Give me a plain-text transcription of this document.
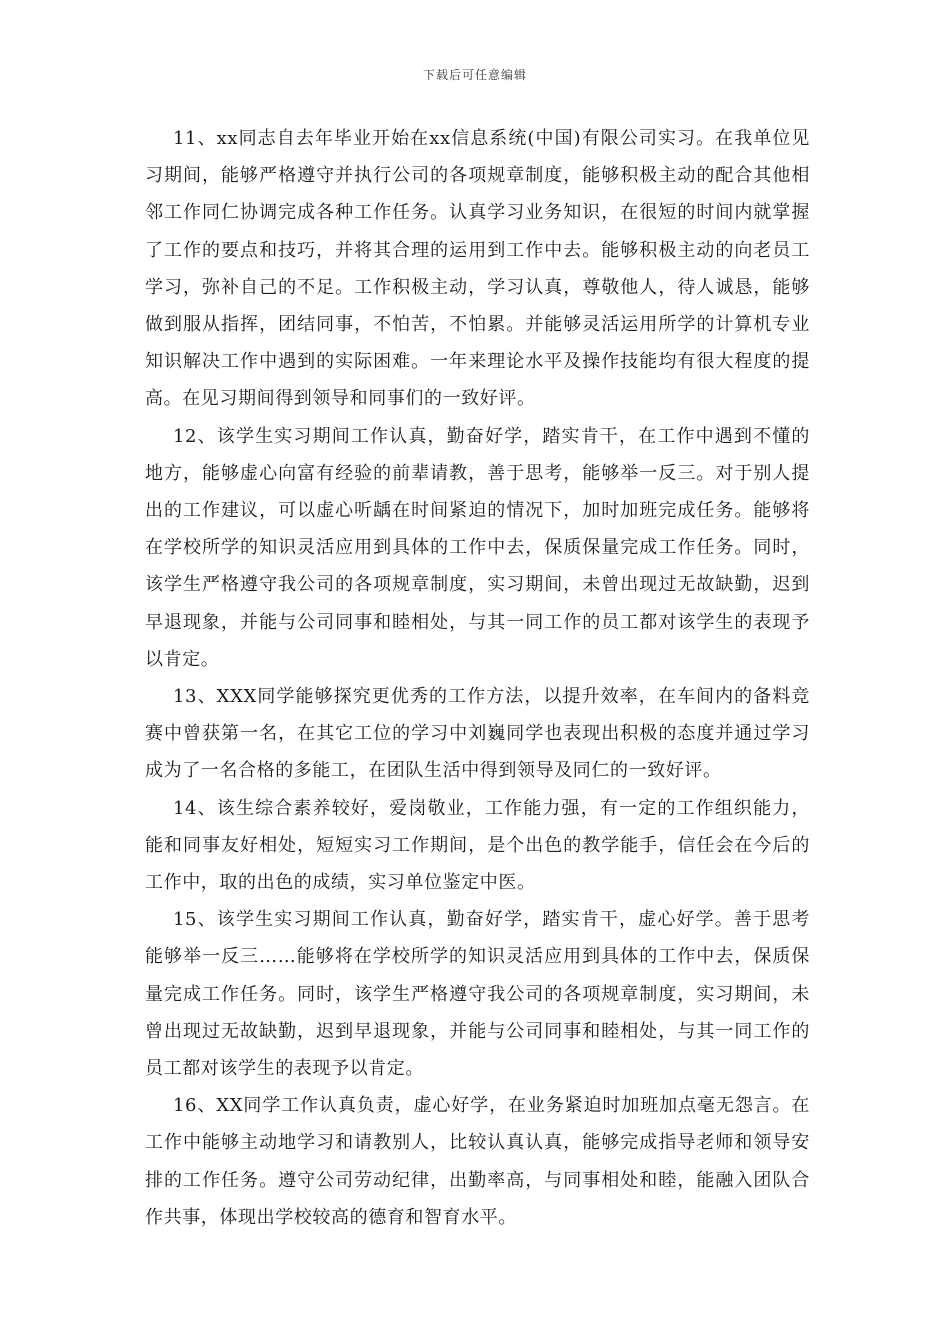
下载后可任意编辑

11、xx同志自去年毕业开始在xx信息系统(中国)有限公司实习。在我单位见习期间，能够严格遵守并执行公司的各项规章制度，能够积极主动的配合其他相邻工作同仁协调完成各种工作任务。认真学习业务知识，在很短的时间内就掌握了工作的要点和技巧，并将其合理的运用到工作中去。能够积极主动的向老员工学习，弥补自己的不足。工作积极主动，学习认真，尊敬他人，待人诚恳，能够做到服从指挥，团结同事，不怕苦，不怕累。并能够灵活运用所学的计算机专业知识解决工作中遇到的实际困难。一年来理论水平及操作技能均有很大程度的提高。在见习期间得到领导和同事们的一致好评。

12、该学生实习期间工作认真，勤奋好学，踏实肯干，在工作中遇到不懂的地方，能够虚心向富有经验的前辈请教，善于思考，能够举一反三。对于别人提出的工作建议，可以虚心听龋在时间紧迫的情况下，加时加班完成任务。能够将在学校所学的知识灵活应用到具体的工作中去，保质保量完成工作任务。同时，该学生严格遵守我公司的各项规章制度，实习期间，未曾出现过无故缺勤，迟到早退现象，并能与公司同事和睦相处，与其一同工作的员工都对该学生的表现予以肯定。

13、XXX同学能够探究更优秀的工作方法，以提升效率，在车间内的备料竞赛中曾获第一名，在其它工位的学习中刘巍同学也表现出积极的态度并通过学习成为了一名合格的多能工，在团队生活中得到领导及同仁的一致好评。

14、该生综合素养较好，爱岗敬业，工作能力强，有一定的工作组织能力，能和同事友好相处，短短实习工作期间，是个出色的教学能手，信任会在今后的工作中，取的出色的成绩，实习单位鉴定中医。

15、该学生实习期间工作认真，勤奋好学，踏实肯干，虚心好学。善于思考能够举一反三……能够将在学校所学的知识灵活应用到具体的工作中去，保质保量完成工作任务。同时，该学生严格遵守我公司的各项规章制度，实习期间，未曾出现过无故缺勤，迟到早退现象，并能与公司同事和睦相处，与其一同工作的员工都对该学生的表现予以肯定。

16、XX同学工作认真负责，虚心好学，在业务紧迫时加班加点毫无怨言。在工作中能够主动地学习和请教别人，比较认真认真，能够完成指导老师和领导安排的工作任务。遵守公司劳动纪律，出勤率高，与同事相处和睦，能融入团队合作共事，体现出学校较高的德育和智育水平。
